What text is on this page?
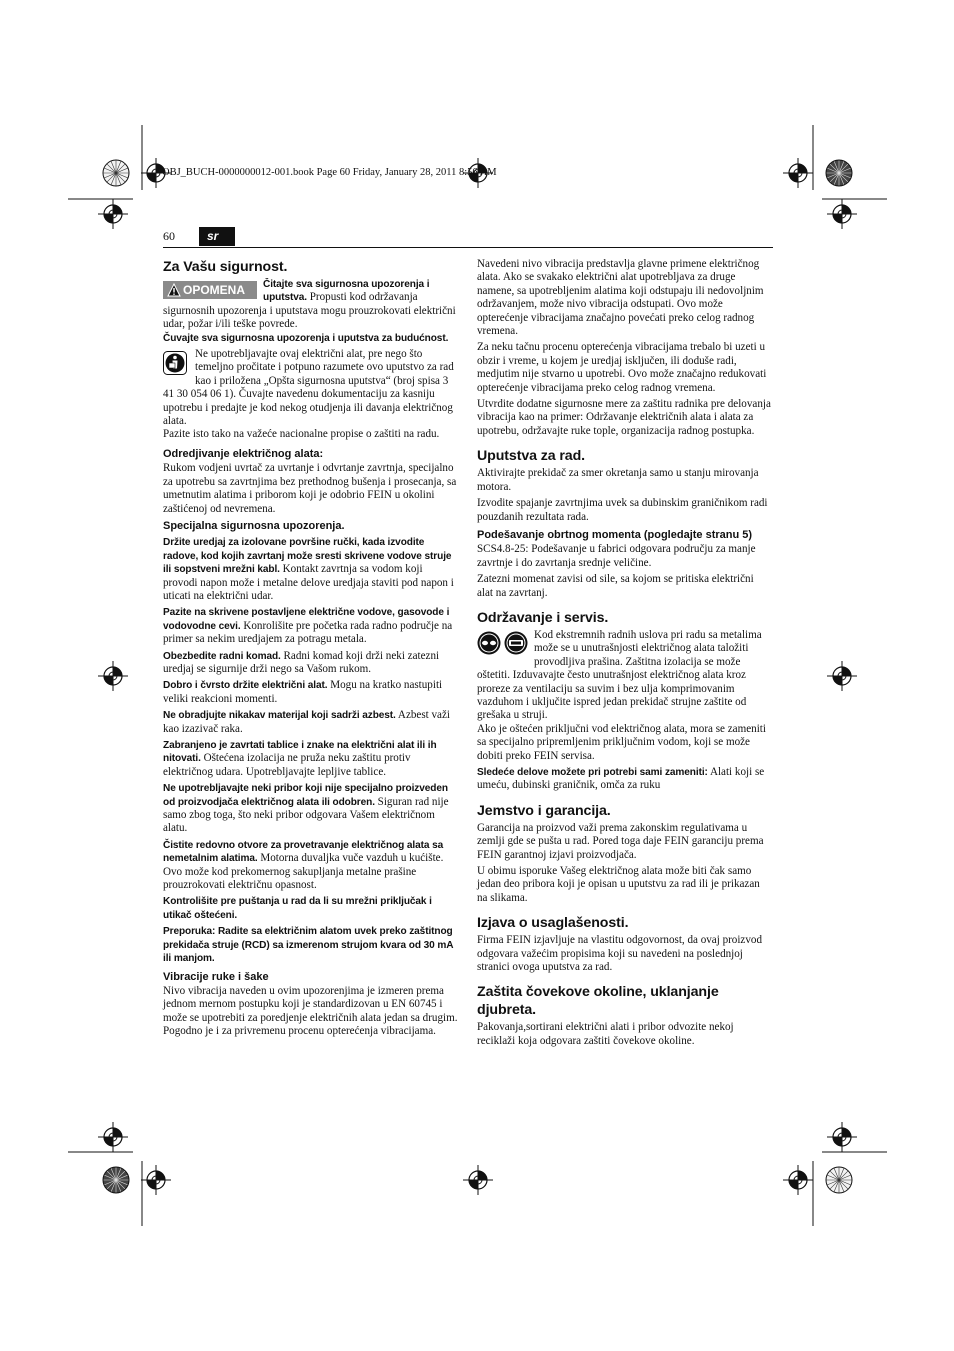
OBJ_BUCH-0000000012-001.book Page 60 Friday, January 28, 2011 8:56 AM
60	sr
Za Vašu sigurnost.
OPOMENA	Čitajte sva sigurnosna upozorenja i uputstva. Propusti kod održavanja sigurnosnih upozorenja i uputstava mogu prouzrokovati električni udar, požar i/ili teške povrede.

Čuvajte sva sigurnosna upozorenja i uputstva za budućnost.

Ne upotrebljavajte ovaj električni alat, pre nego što temeljno pročitate i potpuno razumete ovo uputstvo za rad kao i priložena „Opšta sigurnosna uputstva“ (broj spisa 3 41 30 054 06 1). Čuvajte navedenu dokumentaciju za kasniju upotrebu i predajte je kod nekog otudjenja ili davanja električnog alata.

Pazite isto tako na važeće nacionalne propise o zaštiti na radu.

Odredjivanje električnog alata:

Rukom vodjeni uvrtač za uvrtanje i odvrtanje zavrtnja, specijalno za upotrebu sa zavrtnjima bez prethodnog bušenja i prosecanja, sa umetnutim alatima i priborom koji je odobrio FEIN u okolini zaštićenoj od nevremena.

Specijalna sigurnosna upozorenja.

Držite uredjaj za izolovane površine ručki, kada izvodite radove, kod kojih zavrtanj može sresti skrivene vodove struje ili sopstveni mrežni kabl. Kontakt zavrtnja sa vodom koji provodi napon može i metalne delove uredjaja staviti pod napon i uticati na električni udar.

Pazite na skrivene postavljene električne vodove, gasovode i vodovodne cevi. Konrolišite pre početka rada radno područje na primer sa nekim uredjajem za potragu metala.

Obezbedite radni komad. Radni komad koji drži neki zatezni uredjaj se sigurnije drži nego sa Vašom rukom.

Dobro i čvrsto držite električni alat. Mogu na kratko nastupiti veliki reakcioni momenti.

Ne obradjujte nikakav materijal koji sadrži azbest. Azbest važi kao izazivač raka.

Zabranjeno je zavrtati tablice i znake na električni alat ili ih nitovati. Oštećena izolacija ne pruža neku zaštitu protiv električnog udara. Upotrebljavajte lepljive tablice.

Ne upotrebljavajte neki pribor koji nije specijalno proizveden od proizvodjača električnog alata ili odobren. Siguran rad nije samo zbog toga, što neki pribor odgovara Vašem električnom alatu.

Čistite redovno otvore za provetravanje električnog alata sa nemetalnim alatima. Motorna duvaljka vuče vazduh u kućište. Ovo može kod prekomernog sakupljanja metalne prašine prouzrokovati električnu opasnost.

Kontrolišite pre puštanja u rad da li su mrežni priključak i utikač oštećeni.

Preporuka: Radite sa električnim alatom uvek preko zaštitnog prekidača struje (RCD) sa izmerenom strujom kvara od 30 mA ili manjom.

Vibracije ruke i šake

Nivo vibracija naveden u ovim upozorenjima je izmeren prema jednom mernom postupku koji je standardizovan u EN 60745 i može se upotrebiti za poredjenje električnih alata jedan sa drugim. Pogodno je i za privremenu procenu opterećenja vibracijama.

Navedeni nivo vibracija predstavlja glavne primene električnog alata. Ako se svakako električni alat upotrebljava za druge namene, sa upotrebljenim alatima koji odstupaju ili nedovoljnim održavanjem, može nivo vibracija odstupati. Ovo može opterećenje vibracijama značajno povećati preko celog radnog vremena.

Za neku tačnu procenu opterećenja vibracijama trebalo bi uzeti u obzir i vreme, u kojem je uredjaj isključen, ili doduše radi, medjutim nije stvarno u upotrebi. Ovo može značajno redukovati opterećenje vibracijama preko celog radnog vremena.

Utvrdite dodatne sigurnosne mere za zaštitu radnika pre delovanja vibracija kao na primer: Održavanje električnih alata i alata za upotrebu, održavajte ruke tople, organizacija radnog postupka.

Uputstva za rad.

Aktivirajte prekidač za smer okretanja samo u stanju mirovanja motora.

Izvodite spajanje zavrtnjima uvek sa dubinskim graničnikom radi pouzdanih rezultata rada.

Podešavanje obrtnog momenta (pogledajte stranu 5)

SCS4.8-25: Podešavanje u fabrici odgovara području za manje zavrtnje i do zavrtanja srednje veličine.

Zatezni momenat zavisi od sile, sa kojom se pritiska električni alat na zavrtanj.

Održavanje i servis.

Kod ekstremnih radnih uslova pri radu sa metalima može se u unutrašnjosti električnog alata taložiti provodljiva prašina. Zaštitna izolacija se može oštetiti. Izduvavajte često unutrašnjost električnog alata kroz proreze za ventilaciju sa suvim i bez ulja komprimovanim vazduhom i uključite ispred jedan prekidač strujne zaštite od grešaka u struji.

Ako je oštećen priključni vod električnog alata, mora se zameniti sa specijalno pripremljenim priključnim vodom, koji se može dobiti preko FEIN servisa.

Sledeće delove možete pri potrebi sami zameniti: Alati koji se umeću, dubinski graničnik, omča za ruku

Jemstvo i garancija.

Garancija na proizvod važi prema zakonskim regulativama u zemlji gde se pušta u rad. Pored toga daje FEIN garanciju prema FEIN garantnoj izjavi proizvodjača.

U obimu isporuke Vašeg električnog alata može biti čak samo jedan deo pribora koji je opisan u uputstvu za rad ili je prikazan na slikama.

Izjava o usaglašenosti.

Firma FEIN izjavljuje na vlastitu odgovornost, da ovaj proizvod odgovara važećim propisima koji su navedeni na poslednjoj stranici ovoga uputstva za rad.

Zaštita čovekove okoline, uklanjanje djubreta.

Pakovanja,sortirani električni alati i pribor odvozite nekoj reciklaži koja odgovara zaštiti čovekove okoline.
